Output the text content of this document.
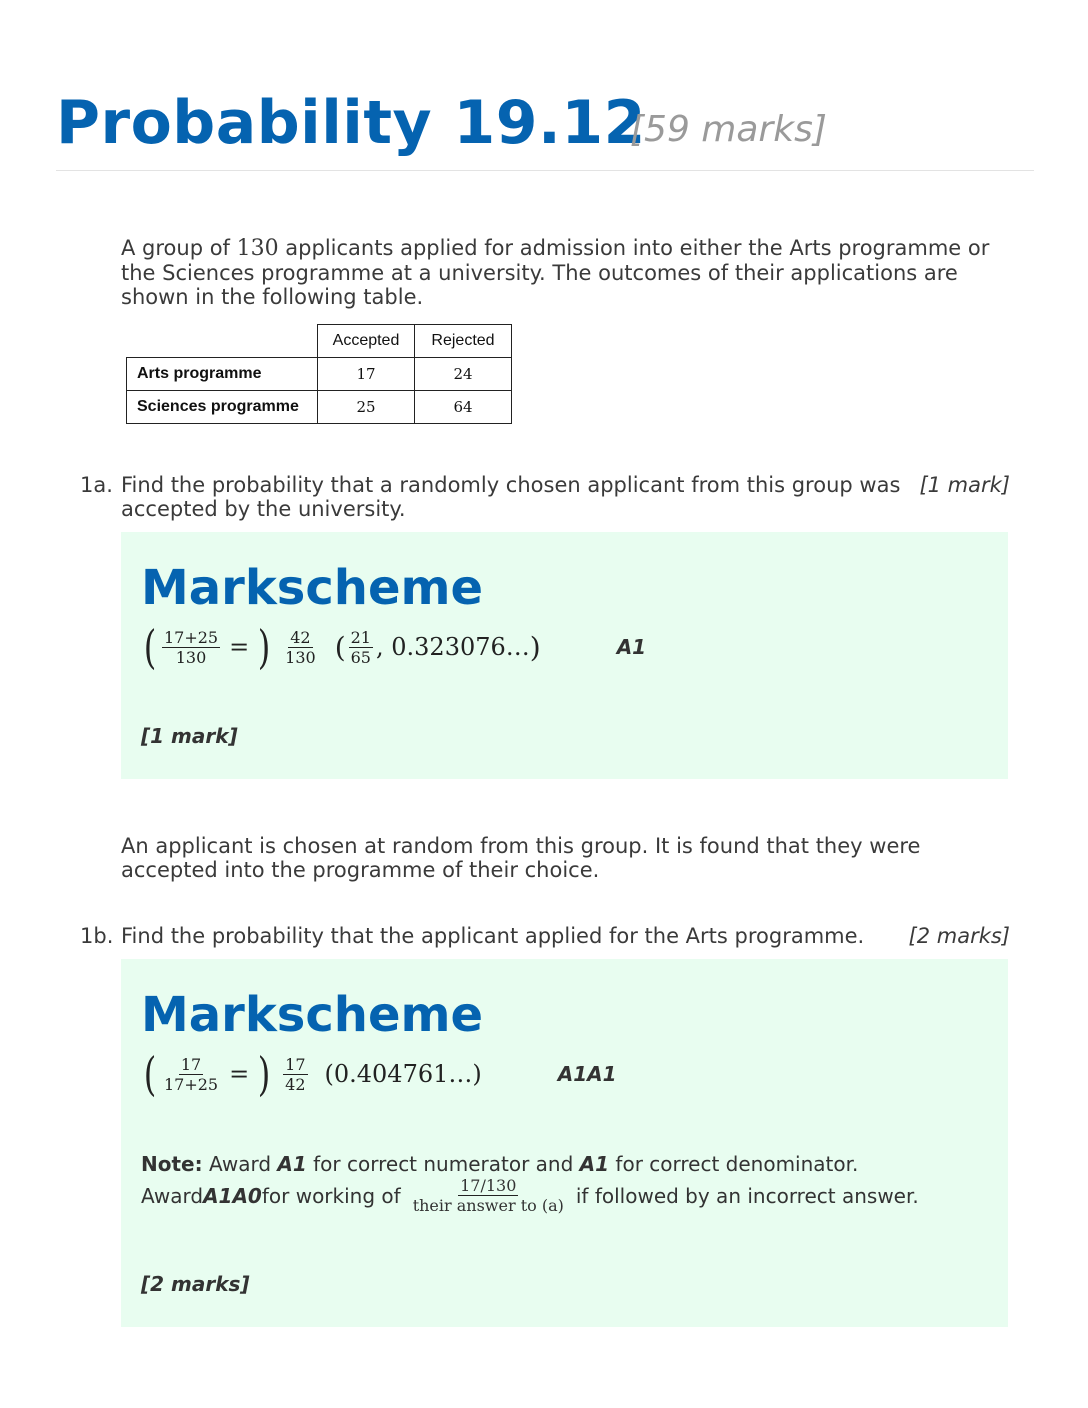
Probability 19.12
[59 marks]
A group of 130 applicants applied for admission into either the Arts programme or the Sciences programme at a university. The outcomes of their applications are shown in the following table.
	Accepted	Rejected
Arts programme	17	24
Sciences programme	25	64
1a. Find the probability that a randomly chosen applicant from this group was accepted by the university.
[1 mark]
Markscheme
( $\frac{17+25}{130}$ = ) $\frac{42}{130}$ ( $\frac{21}{65}$ , 0.323076… )	A1
[1 mark]
An applicant is chosen at random from this group. It is found that they were accepted into the programme of their choice.
1b. Find the probability that the applicant applied for the Arts programme.	[2 marks]
Markscheme
( $\frac{17}{17+25}$ = ) $\frac{17}{42}$ (0.404761…)	A1A1
Note: Award A1 for correct numerator and A1 for correct denominator.
Award A1A0 for working of $\frac{17/130}{\text{their answer to (a)}}$ if followed by an incorrect answer.
[2 marks]
